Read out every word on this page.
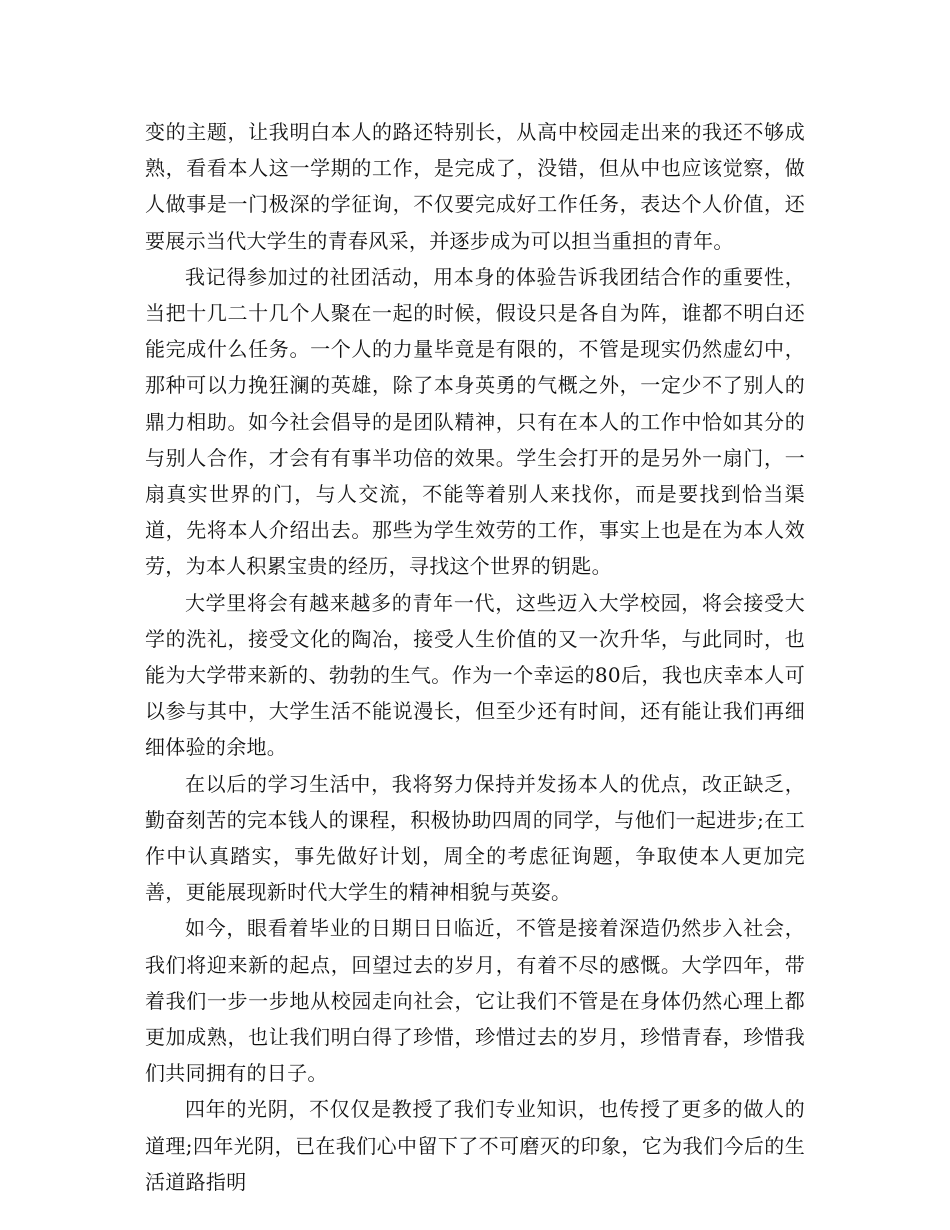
变的主题，让我明白本人的路还特别长，从高中校园走出来的我还不够成熟，看看本人这一学期的工作，是完成了，没错，但从中也应该觉察，做人做事是一门极深的学征询，不仅要完成好工作任务，表达个人价值，还要展示当代大学生的青春风采，并逐步成为可以担当重担的青年。

我记得参加过的社团活动，用本身的体验告诉我团结合作的重要性，当把十几二十几个人聚在一起的时候，假设只是各自为阵，谁都不明白还能完成什么任务。一个人的力量毕竟是有限的，不管是现实仍然虚幻中，那种可以力挽狂澜的英雄，除了本身英勇的气概之外，一定少不了别人的鼎力相助。如今社会倡导的是团队精神，只有在本人的工作中恰如其分的与别人合作，才会有有事半功倍的效果。学生会打开的是另外一扇门，一扇真实世界的门，与人交流，不能等着别人来找你，而是要找到恰当渠道，先将本人介绍出去。那些为学生效劳的工作，事实上也是在为本人效劳，为本人积累宝贵的经历，寻找这个世界的钥匙。

大学里将会有越来越多的青年一代，这些迈入大学校园，将会接受大学的洗礼，接受文化的陶冶，接受人生价值的又一次升华，与此同时，也能为大学带来新的、勃勃的生气。作为一个幸运的80后，我也庆幸本人可以参与其中，大学生活不能说漫长，但至少还有时间，还有能让我们再细细体验的余地。

在以后的学习生活中，我将努力保持并发扬本人的优点，改正缺乏，勤奋刻苦的完本钱人的课程，积极协助四周的同学，与他们一起进步;在工作中认真踏实，事先做好计划，周全的考虑征询题，争取使本人更加完善，更能展现新时代大学生的精神相貌与英姿。

如今，眼看着毕业的日期日日临近，不管是接着深造仍然步入社会，我们将迎来新的起点，回望过去的岁月，有着不尽的感慨。大学四年，带着我们一步一步地从校园走向社会，它让我们不管是在身体仍然心理上都更加成熟，也让我们明白得了珍惜，珍惜过去的岁月，珍惜青春，珍惜我们共同拥有的日子。

四年的光阴，不仅仅是教授了我们专业知识，也传授了更多的做人的道理;四年光阴，已在我们心中留下了不可磨灭的印象，它为我们今后的生活道路指明
